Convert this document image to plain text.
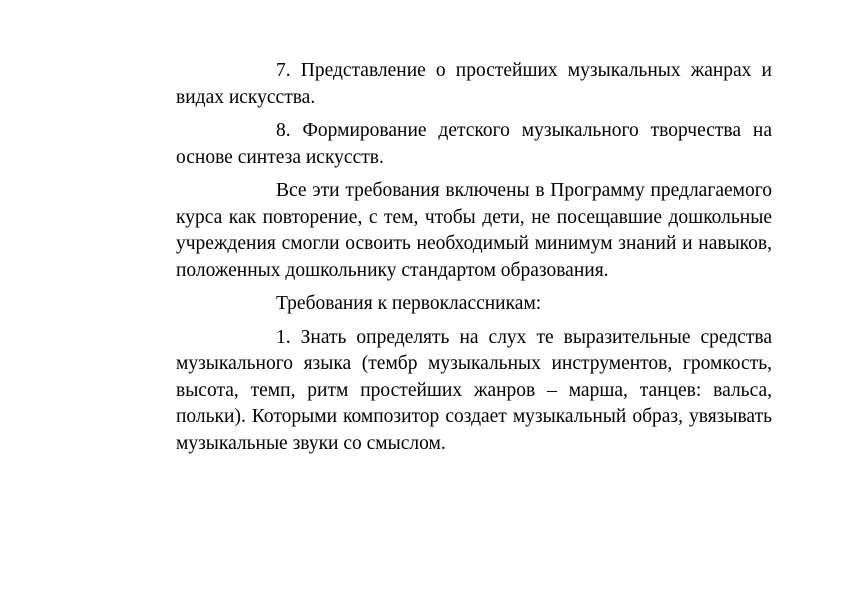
7. Представление о простейших музыкальных жанрах и видах искусства.

8. Формирование детского музыкального творчества на основе синтеза искусств.

Все эти требования включены в Программу предлагаемого курса как повторение, с тем, чтобы дети, не посещавшие дошкольные учреждения смогли освоить необходимый минимум знаний и навыков, положенных дошкольнику стандартом образования.

Требования к первоклассникам:

1. Знать определять на слух те выразительные средства музыкального языка (тембр музыкальных инструментов, громкость, высота, темп, ритм простейших жанров – марша, танцев: вальса, польки). Которыми композитор создает музыкальный образ, увязывать музыкальные звуки со смыслом.
